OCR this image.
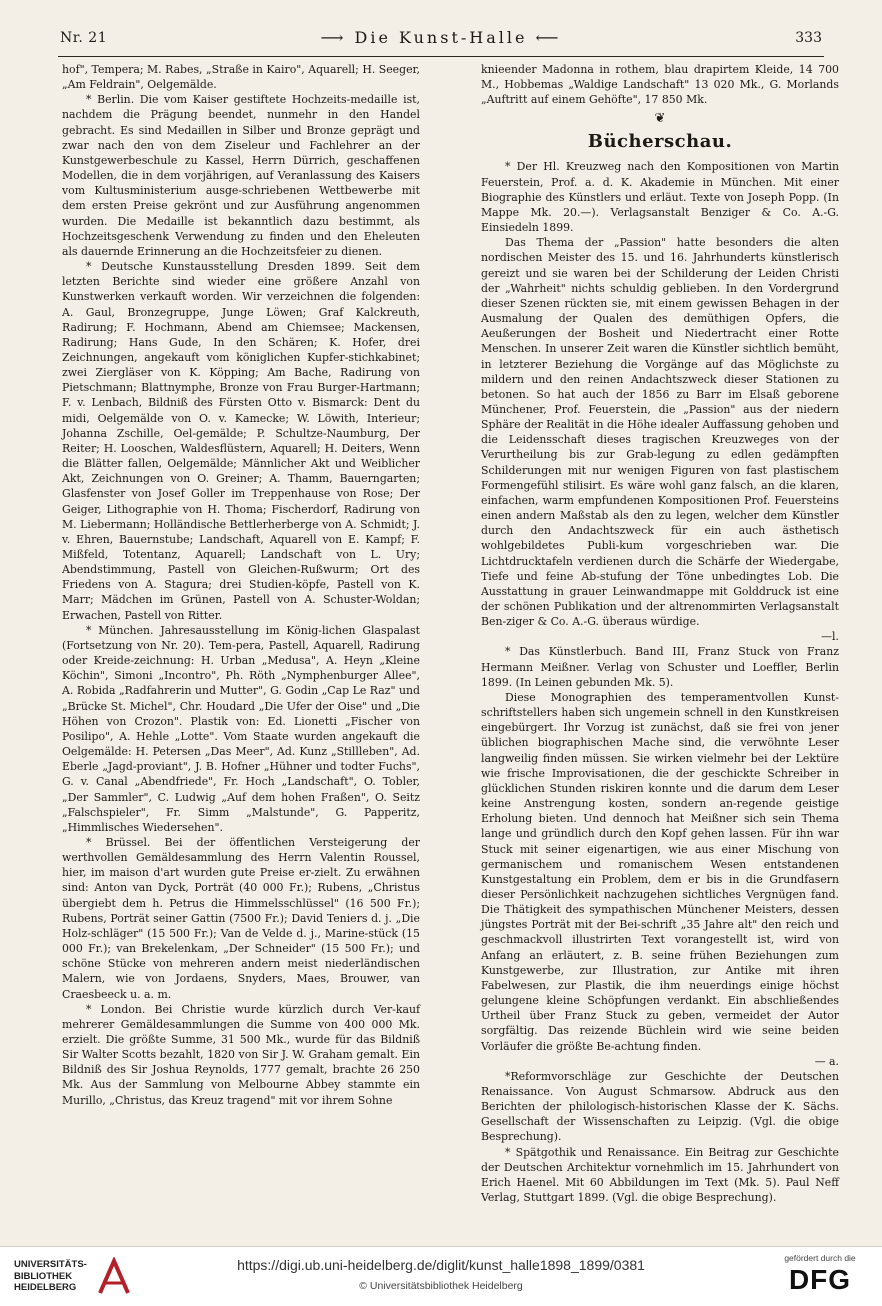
Nr. 21	⟶ Die Kunst-Halle ⟵	333

hof", Tempera; M. Rabes, „Straße in Kairo", Aquarell; H. Seeger, „Am Feldrain", Oelgemälde.

* Berlin. Die vom Kaiser gestiftete Hochzeits-medaille ist, nachdem die Prägung beendet, nunmehr in den Handel gebracht. Es sind Medaillen in Silber und Bronze geprägt und zwar nach den von dem Ziseleur und Fachlehrer an der Kunstgewerbeschule zu Kassel, Herrn Dürrich, geschaffenen Modellen, die in dem vorjährigen, auf Veranlassung des Kaisers vom Kultusministerium ausge-schriebenen Wettbewerbe mit dem ersten Preise gekrönt und zur Ausführung angenommen wurden. Die Medaille ist bekanntlich dazu bestimmt, als Hochzeitsgeschenk Verwendung zu finden und den Eheleuten als dauernde Erinnerung an die Hochzeitsfeier zu dienen.

* Deutsche Kunstausstellung Dresden 1899. Seit dem letzten Berichte sind wieder eine größere Anzahl von Kunstwerken verkauft worden. Wir verzeichnen die folgenden: A. Gaul, Bronzegruppe, Junge Löwen; Graf Kalckreuth, Radirung; F. Hochmann, Abend am Chiemsee; Mackensen, Radirung; Hans Gude, In den Schären; K. Hofer, drei Zeichnungen, angekauft vom königlichen Kupfer-stichkabinet; zwei Ziergläser von K. Köpping; Am Bache, Radirung von Pietschmann; Blattnymphe, Bronze von Frau Burger-Hartmann; F. v. Lenbach, Bildniß des Fürsten Otto v. Bismarck: Dent du midi, Oelgemälde von O. v. Kamecke; W. Löwith, Interieur; Johanna Zschille, Oel-gemälde; P. Schultze-Naumburg, Der Reiter; H. Looschen, Waldesflüstern, Aquarell; H. Deiters, Wenn die Blätter fallen, Oelgemälde; Männlicher Akt und Weiblicher Akt, Zeichnungen von O. Greiner; A. Thamm, Bauerngarten; Glasfenster von Josef Goller im Treppenhause von Rose; Der Geiger, Lithographie von H. Thoma; Fischerdorf, Radirung von M. Liebermann; Holländische Bettlerherberge von A. Schmidt; J. v. Ehren, Bauernstube; Landschaft, Aquarell von E. Kampf; F. Mißfeld, Totentanz, Aquarell; Landschaft von L. Ury; Abendstimmung, Pastell von Gleichen-Rußwurm; Ort des Friedens von A. Stagura; drei Studien-köpfe, Pastell von K. Marr; Mädchen im Grünen, Pastell von A. Schuster-Woldan; Erwachen, Pastell von Ritter.

* München. Jahresausstellung im König-lichen Glaspalast (Fortsetzung von Nr. 20). Tem-pera, Pastell, Aquarell, Radirung oder Kreide-zeichnung: H. Urban „Medusa", A. Heyn „Kleine Köchin", Simoni „Incontro", Ph. Röth „Nymphenburger Allee", A. Robida „Radfahrerin und Mutter", G. Godin „Cap Le Raz" und „Brücke St. Michel", Chr. Houdard „Die Ufer der Oise" und „Die Höhen von Crozon". Plastik von: Ed. Lionetti „Fischer von Posilipo", A. Hehle „Lotte". Vom Staate wurden angekauft die Oelgemälde: H. Petersen „Das Meer", Ad. Kunz „Stillleben", Ad. Eberle „Jagd-proviant", J. B. Hofner „Hühner und todter Fuchs", G. v. Canal „Abendfriede", Fr. Hoch „Landschaft", O. Tobler, „Der Sammler", C. Ludwig „Auf dem hohen Fraßen", O. Seitz „Falschspieler", Fr. Simm „Malstunde", G. Papperitz, „Himmlisches Wiedersehen".

* Brüssel. Bei der öffentlichen Versteigerung der werthvollen Gemäldesammlung des Herrn Valentin Roussel, hier, im maison d'art wurden gute Preise er-zielt. Zu erwähnen sind: Anton van Dyck, Porträt (40 000 Fr.); Rubens, „Christus übergiebt dem h. Petrus die Himmelsschlüssel" (16 500 Fr.); Rubens, Porträt seiner Gattin (7500 Fr.); David Teniers d. j. „Die Holz-schläger" (15 500 Fr.); Van de Velde d. j., Marine-stück (15 000 Fr.); van Brekelenkam, „Der Schneider" (15 500 Fr.); und schöne Stücke von mehreren andern meist niederländischen Malern, wie von Jordaens, Snyders, Maes, Brouwer, van Craesbeeck u. a. m.

* London. Bei Christie wurde kürzlich durch Ver-kauf mehrerer Gemäldesammlungen die Summe von 400 000 Mk. erzielt. Die größte Summe, 31 500 Mk., wurde für das Bildniß Sir Walter Scotts bezahlt, 1820 von Sir J. W. Graham gemalt. Ein Bildniß des Sir Joshua Reynolds, 1777 gemalt, brachte 26 250 Mk. Aus der Sammlung von Melbourne Abbey stammte ein Murillo, „Christus, das Kreuz tragend" mit vor ihrem Sohne

knieender Madonna in rothem, blau drapirtem Kleide, 14 700 M., Hobbemas „Waldige Landschaft" 13 020 Mk., G. Morlands „Auftritt auf einem Gehöfte", 17 850 Mk.

❦
Bücherschau.

* Der Hl. Kreuzweg nach den Kompositionen von Martin Feuerstein, Prof. a. d. K. Akademie in München. Mit einer Biographie des Künstlers und erläut. Texte von Joseph Popp. (In Mappe Mk. 20.—). Verlagsanstalt Benziger & Co. A.-G. Einsiedeln 1899.

Das Thema der „Passion" hatte besonders die alten nordischen Meister des 15. und 16. Jahrhunderts künstlerisch gereizt und sie waren bei der Schilderung der Leiden Christi der „Wahrheit" nichts schuldig geblieben. In den Vordergrund dieser Szenen rückten sie, mit einem gewissen Behagen in der Ausmalung der Qualen des demüthigen Opfers, die Aeußerungen der Bosheit und Niedertracht einer Rotte Menschen. In unserer Zeit waren die Künstler sichtlich bemüht, in letzterer Beziehung die Vorgänge auf das Möglichste zu mildern und den reinen Andachtszweck dieser Stationen zu betonen. So hat auch der 1856 zu Barr im Elsaß geborene Münchener, Prof. Feuerstein, die „Passion" aus der niedern Sphäre der Realität in die Höhe idealer Auffassung gehoben und die Leidensschaft dieses tragischen Kreuzweges von der Verurtheilung bis zur Grab-legung zu edlen gedämpften Schilderungen mit nur wenigen Figuren von fast plastischem Formengefühl stilisirt. Es wäre wohl ganz falsch, an die klaren, einfachen, warm empfundenen Kompositionen Prof. Feuersteins einen andern Maßstab als den zu legen, welcher dem Künstler durch den Andachtszweck für ein auch ästhetisch wohlgebildetes Publi-kum vorgeschrieben war. Die Lichtdrucktafeln verdienen durch die Schärfe der Wiedergabe, Tiefe und feine Ab-stufung der Töne unbedingtes Lob. Die Ausstattung in grauer Leinwandmappe mit Golddruck ist eine der schönen Publikation und der altrenommirten Verlagsanstalt Ben-ziger & Co. A.-G. überaus würdige.

—l.

* Das Künstlerbuch. Band III, Franz Stuck von Franz Hermann Meißner. Verlag von Schuster und Loeffler, Berlin 1899. (In Leinen gebunden Mk. 5).

Diese Monographien des temperamentvollen Kunst-schriftstellers haben sich ungemein schnell in den Kunstkreisen eingebürgert. Ihr Vorzug ist zunächst, daß sie frei von jener üblichen biographischen Mache sind, die verwöhnte Leser langweilig finden müssen. Sie wirken vielmehr bei der Lektüre wie frische Improvisationen, die der geschickte Schreiber in glücklichen Stunden riskiren konnte und die darum dem Leser keine Anstrengung kosten, sondern an-regende geistige Erholung bieten. Und dennoch hat Meißner sich sein Thema lange und gründlich durch den Kopf gehen lassen. Für ihn war Stuck mit seiner eigenartigen, wie aus einer Mischung von germanischem und romanischem Wesen entstandenen Kunstgestaltung ein Problem, dem er bis in die Grundfasern dieser Persönlichkeit nachzugehen sichtliches Vergnügen fand. Die Thätigkeit des sympathischen Münchener Meisters, dessen jüngstes Porträt mit der Bei-schrift „35 Jahre alt" den reich und geschmackvoll illustrirten Text vorangestellt ist, wird von Anfang an erläutert, z. B. seine frühen Beziehungen zum Kunstgewerbe, zur Illustration, zur Antike mit ihren Fabelwesen, zur Plastik, die ihm neuerdings einige höchst gelungene kleine Schöpfungen verdankt. Ein abschließendes Urtheil über Franz Stuck zu geben, vermeidet der Autor sorgfältig. Das reizende Büchlein wird wie seine beiden Vorläufer die größte Be-achtung finden.

— a.

*Reformvorschläge zur Geschichte der Deutschen Renaissance. Von August Schmarsow. Abdruck aus den Berichten der philologisch-historischen Klasse der K. Sächs. Gesellschaft der Wissenschaften zu Leipzig. (Vgl. die obige Besprechung).

* Spätgothik und Renaissance. Ein Beitrag zur Geschichte der Deutschen Architektur vornehmlich im 15. Jahrhundert von Erich Haenel. Mit 60 Abbildungen im Text (Mk. 5). Paul Neff Verlag, Stuttgart 1899. (Vgl. die obige Besprechung).

UNIVERSITÄTS-
BIBLIOTHEK
HEIDELBERG
https://digi.ub.uni-heidelberg.de/diglit/kunst_halle1898_1899/0381
© Universitätsbibliothek Heidelberg
gefördert durch die
DFG
